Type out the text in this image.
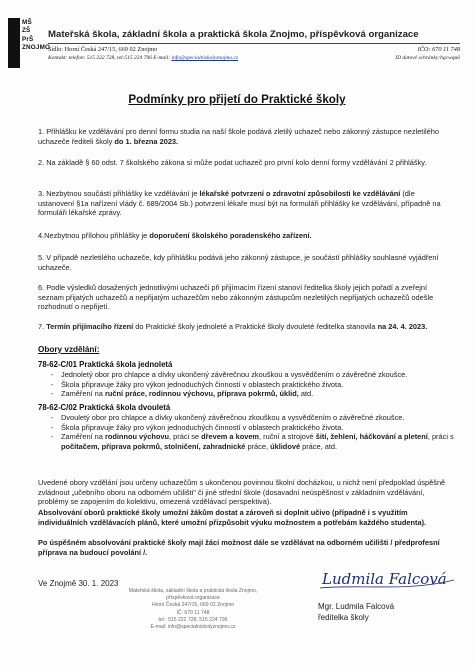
MŠ
ZŠ
PrŠ
ZNOJMO
Mateřská škola, základní škola a praktická škola Znojmo, příspěvková organizace
Sídlo: Horní Česká 247/15, 669 02 Znojmo	IČO: 670 11 748
Kontakt: telefon: 515 222 728, tel:515 224 796 E-mail: info@specialniskolyznojmo.cz	ID datové schránky:bgcwqu6
Podmínky pro přijetí do Praktické školy

1. Přihlášku ke vzdělávání pro denní formu studia na naší škole podává zletilý uchazeč nebo zákonný zástupce nezletilého uchazeče řediteli školy do 1. března 2023.

2. Na základě § 60 odst. 7 školského zákona si může podat uchazeč pro první kolo denní formy vzdělávání 2 přihlášky.

3. Nezbytnou součástí přihlášky ke vzdělávání je lékařské potvrzení o zdravotní způsobilosti ke vzdělávání (dle ustanovení §1a nařízení vlády č. 689/2004 Sb.) potvrzení lékaře musí být na formuláři přihlášky ke vzdělávání, případně na formuláři lékařské zprávy.

4.Nezbytnou přílohou přihlášky je doporučení školského poradenského zařízení.

5. V případě nezletilého uchazeče, kdy přihlášku podává jeho zákonný zástupce, je součástí přihlášky souhlasné vyjádření uchazeče.

6. Podle výsledků dosažených jednotlivými uchazeči při přijímacím řízení stanoví ředitelka školy jejich pořadí a zveřejní seznam přijatých uchazečů a nepřijatým uchazečům nebo zákonným zástupcům nezletilých nepřijatých uchazečů odešle rozhodnutí o nepřijetí.

7. Termín přijímacího řízení do Praktické školy jednoleté a Praktické školy dvouleté ředitelka stanovila na 24. 4. 2023.

Obory vzdělání:
78-62-C/01 Praktická škola jednoletá
- Jednoletý obor pro chlapce a dívky ukončený závěrečnou zkouškou a vysvědčením o závěrečné zkoušce.
- Škola připravuje žáky pro výkon jednoduchých činností v oblastech praktického života.
- Zaměření na ruční práce, rodinnou výchovu, příprava pokrmů, úklid, atd.
78-62-C/02 Praktická škola dvouletá
- Dvouletý obor pro chlapce a dívky ukončený závěrečnou zkouškou a vysvědčením o závěrečné zkoušce.
- Škola připravuje žáky pro výkon jednoduchých činností v oblastech praktického života.
- Zaměření na rodinnou výchovu, práci se dřevem a kovem, ruční a strojové šití, žehlení, háčkování a pletení, práci s počítačem, příprava pokrmů, stolničení, zahradnické práce, úklidové práce, atd.

Uvedené obory vzdělání jsou určeny uchazečům s ukončenou povinnou školní docházkou, u nichž není předpoklad úspěšně zvládnout „učebního oboru na odborném učilišti" či jiné střední škole (dosavadní neúspěšnost v základním vzdělávání, problémy se zapojením do kolektivu, omezená vzdělávací perspektiva).

Absolvování oborů praktické školy umožní žákům dostat a zároveň si doplnit učivo (případně i s využitím individuálních vzdělávacích plánů, které umožní přizpůsobit výuku možnostem a potřebám každého studenta).

Po úspěšném absolvování praktické školy mají žáci možnost dále se vzdělávat na odborném učilišti / předprofesní příprava na budoucí povolání /.

Ve Znojmě 30. 1. 2023	Ludmila Falcová
Mgr. Ludmila Falcová
ředitelka školy
Mateřská škola, základní škola a praktická škola Znojmo,
příspěvková organizace
Horní Česká 247/15, 669 02 Znojmo
IČ: 670 11 748
tel.: 515 222 728, 515 224 796
E-mail: info@specialniskolyznojmo.cz
